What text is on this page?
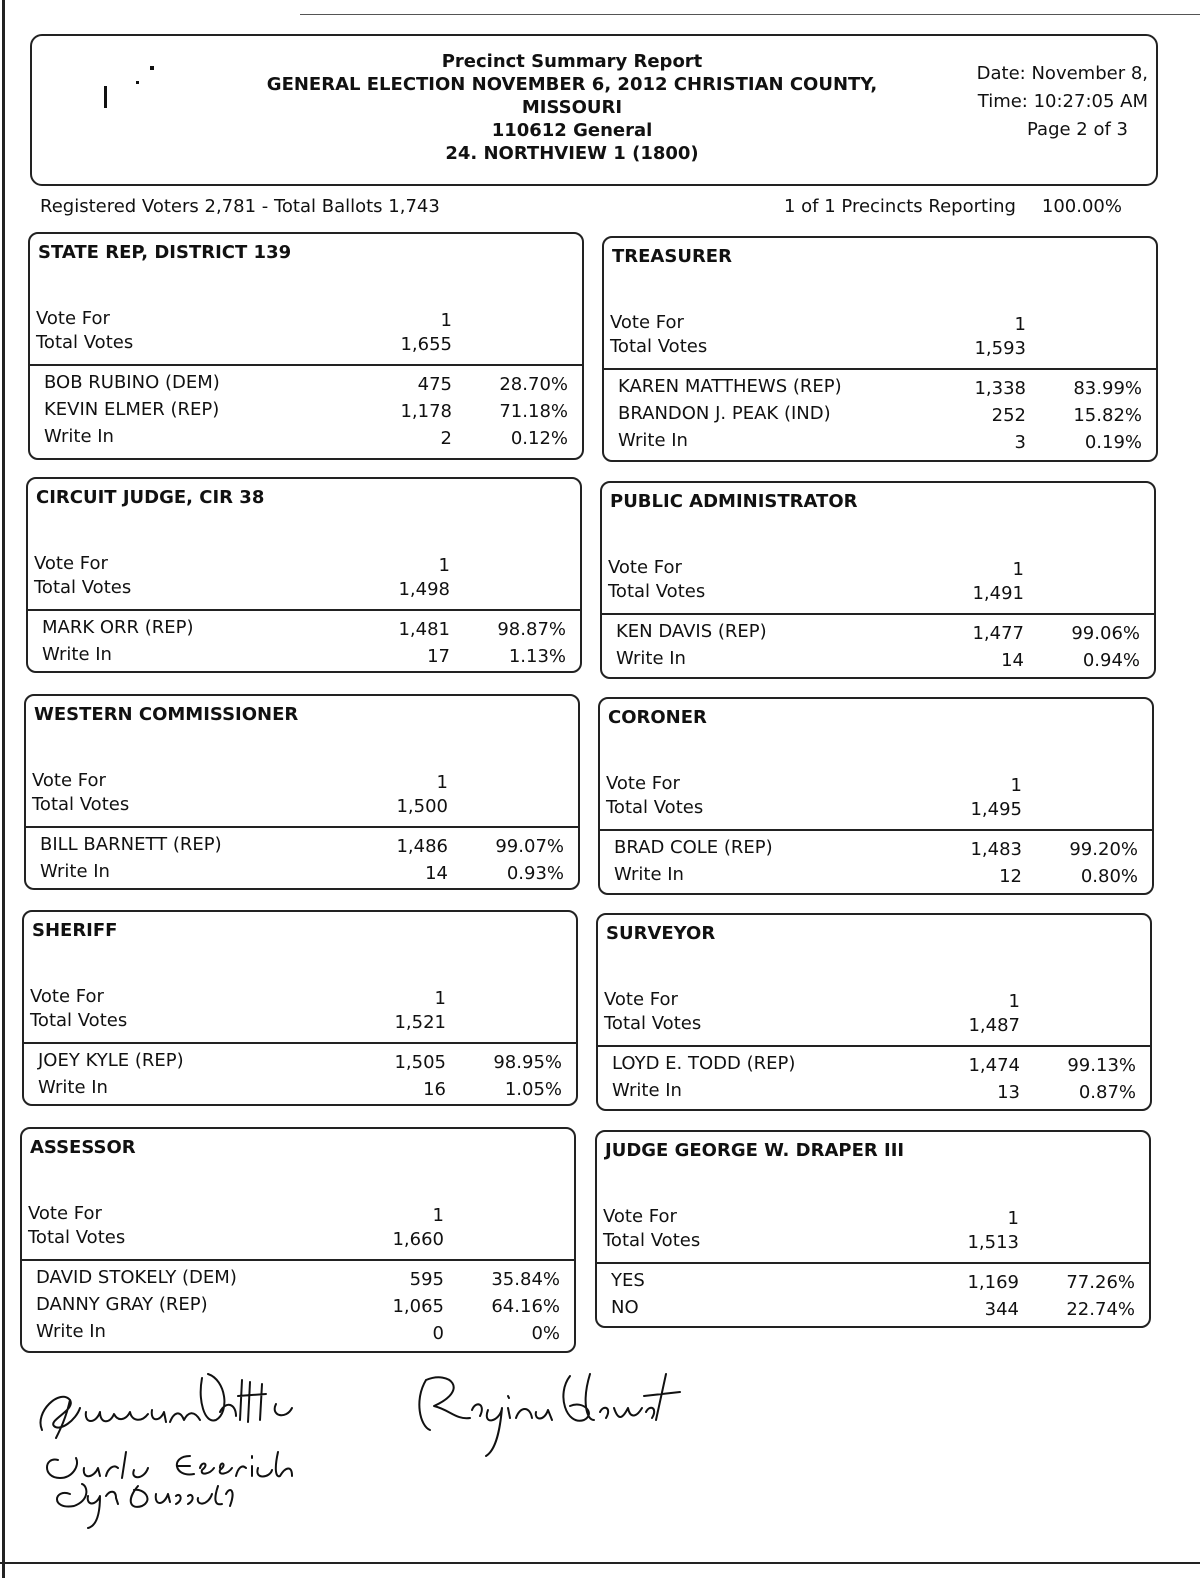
Precinct Summary Report
GENERAL ELECTION NOVEMBER 6, 2012 CHRISTIAN COUNTY,
MISSOURI
110612 General
24. NORTHVIEW 1 (1800)
Date: November 8,
Time: 10:27:05 AM
Page 2 of 3
Registered Voters 2,781 - Total Ballots 1,743	1 of 1 Precincts Reporting 100.00%
STATE REP, DISTRICT 139
Vote For	1
Total Votes	1,655
BOB RUBINO (DEM)	475	28.70%
KEVIN ELMER (REP)	1,178	71.18%
Write In	2	0.12%
TREASURER
Vote For	1
Total Votes	1,593
KAREN MATTHEWS (REP)	1,338	83.99%
BRANDON J. PEAK (IND)	252	15.82%
Write In	3	0.19%
CIRCUIT JUDGE, CIR 38
Vote For	1
Total Votes	1,498
MARK ORR (REP)	1,481	98.87%
Write In	17	1.13%
PUBLIC ADMINISTRATOR
Vote For	1
Total Votes	1,491
KEN DAVIS (REP)	1,477	99.06%
Write In	14	0.94%
WESTERN COMMISSIONER
Vote For	1
Total Votes	1,500
BILL BARNETT (REP)	1,486	99.07%
Write In	14	0.93%
CORONER
Vote For	1
Total Votes	1,495
BRAD COLE (REP)	1,483	99.20%
Write In	12	0.80%
SHERIFF
Vote For	1
Total Votes	1,521
JOEY KYLE (REP)	1,505	98.95%
Write In	16	1.05%
SURVEYOR
Vote For	1
Total Votes	1,487
LOYD E. TODD (REP)	1,474	99.13%
Write In	13	0.87%
ASSESSOR
Vote For	1
Total Votes	1,660
DAVID STOKELY (DEM)	595	35.84%
DANNY GRAY (REP)	1,065	64.16%
Write In	0	0%
JUDGE GEORGE W. DRAPER III
Vote For	1
Total Votes	1,513
YES	1,169	77.26%
NO	344	22.74%
